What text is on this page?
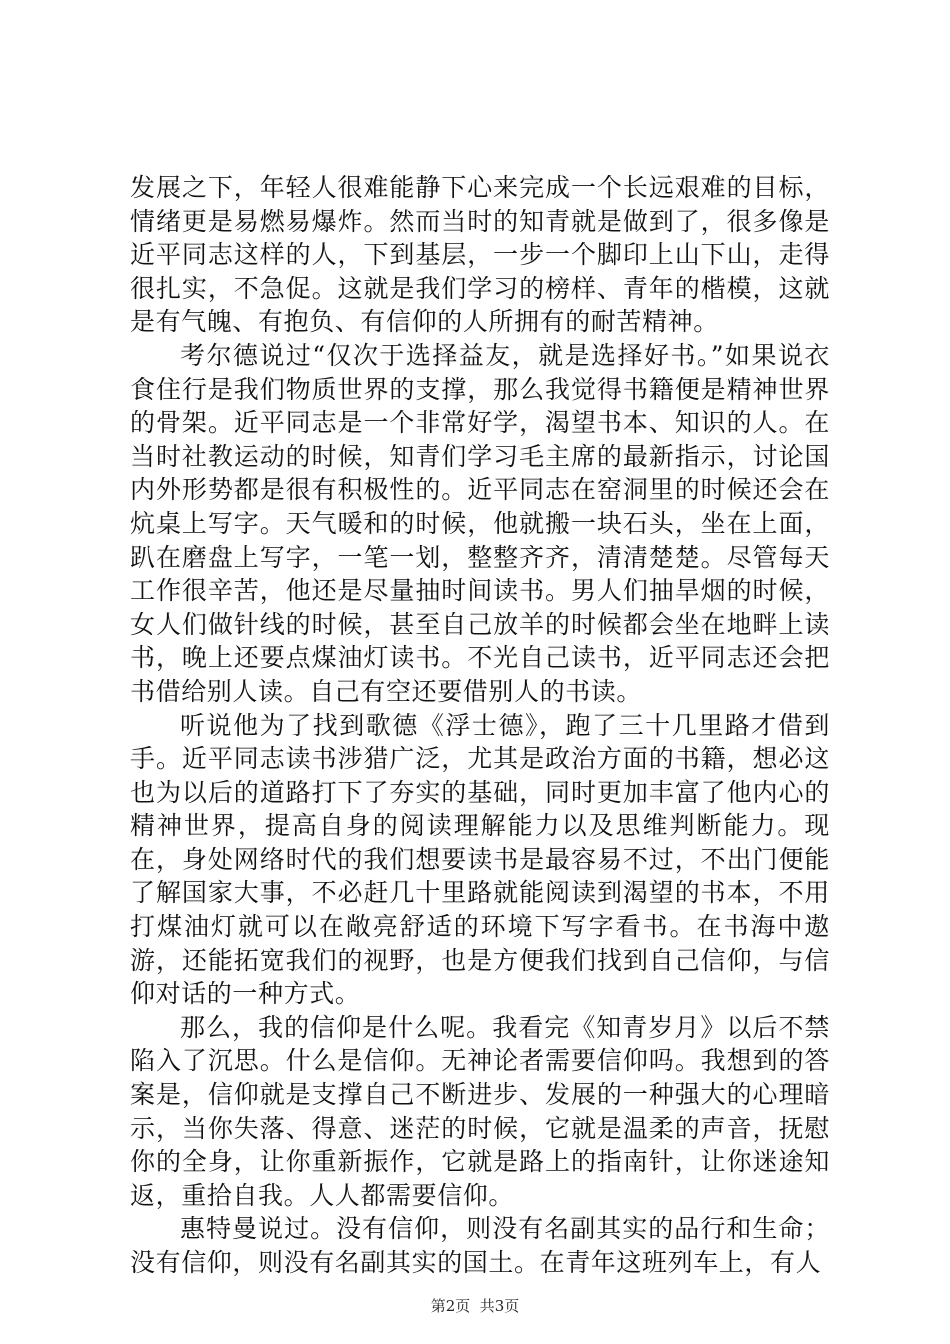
发展之下，年轻人很难能静下心来完成一个长远艰难的目标，情绪更是易燃易爆炸。然而当时的知青就是做到了，很多像是近平同志这样的人，下到基层，一步一个脚印上山下山，走得很扎实，不急促。这就是我们学习的榜样、青年的楷模，这就是有气魄、有抱负、有信仰的人所拥有的耐苦精神。

考尔德说过“仅次于选择益友，就是选择好书。”如果说衣食住行是我们物质世界的支撑，那么我觉得书籍便是精神世界的骨架。近平同志是一个非常好学，渴望书本、知识的人。在当时社教运动的时候，知青们学习毛主席的最新指示，讨论国内外形势都是很有积极性的。近平同志在窑洞里的时候还会在炕桌上写字。天气暖和的时候，他就搬一块石头，坐在上面，趴在磨盘上写字，一笔一划，整整齐齐，清清楚楚。尽管每天工作很辛苦，他还是尽量抽时间读书。男人们抽旱烟的时候，女人们做针线的时候，甚至自己放羊的时候都会坐在地畔上读书，晚上还要点煤油灯读书。不光自己读书，近平同志还会把书借给别人读。自己有空还要借别人的书读。

听说他为了找到歌德《浮士德》，跑了三十几里路才借到手。近平同志读书涉猎广泛，尤其是政治方面的书籍，想必这也为以后的道路打下了夯实的基础，同时更加丰富了他内心的精神世界，提高自身的阅读理解能力以及思维判断能力。现在，身处网络时代的我们想要读书是最容易不过，不出门便能了解国家大事，不必赶几十里路就能阅读到渴望的书本，不用打煤油灯就可以在敞亮舒适的环境下写字看书。在书海中遨游，还能拓宽我们的视野，也是方便我们找到自己信仰，与信仰对话的一种方式。

那么，我的信仰是什么呢。我看完《知青岁月》以后不禁陷入了沉思。什么是信仰。无神论者需要信仰吗。我想到的答案是，信仰就是支撑自己不断进步、发展的一种强大的心理暗示，当你失落、得意、迷茫的时候，它就是温柔的声音，抚慰你的全身，让你重新振作，它就是路上的指南针，让你迷途知返，重拾自我。人人都需要信仰。

惠特曼说过。没有信仰，则没有名副其实的品行和生命；没有信仰，则没有名副其实的国土。在青年这班列车上，有人

第2页  共3页
